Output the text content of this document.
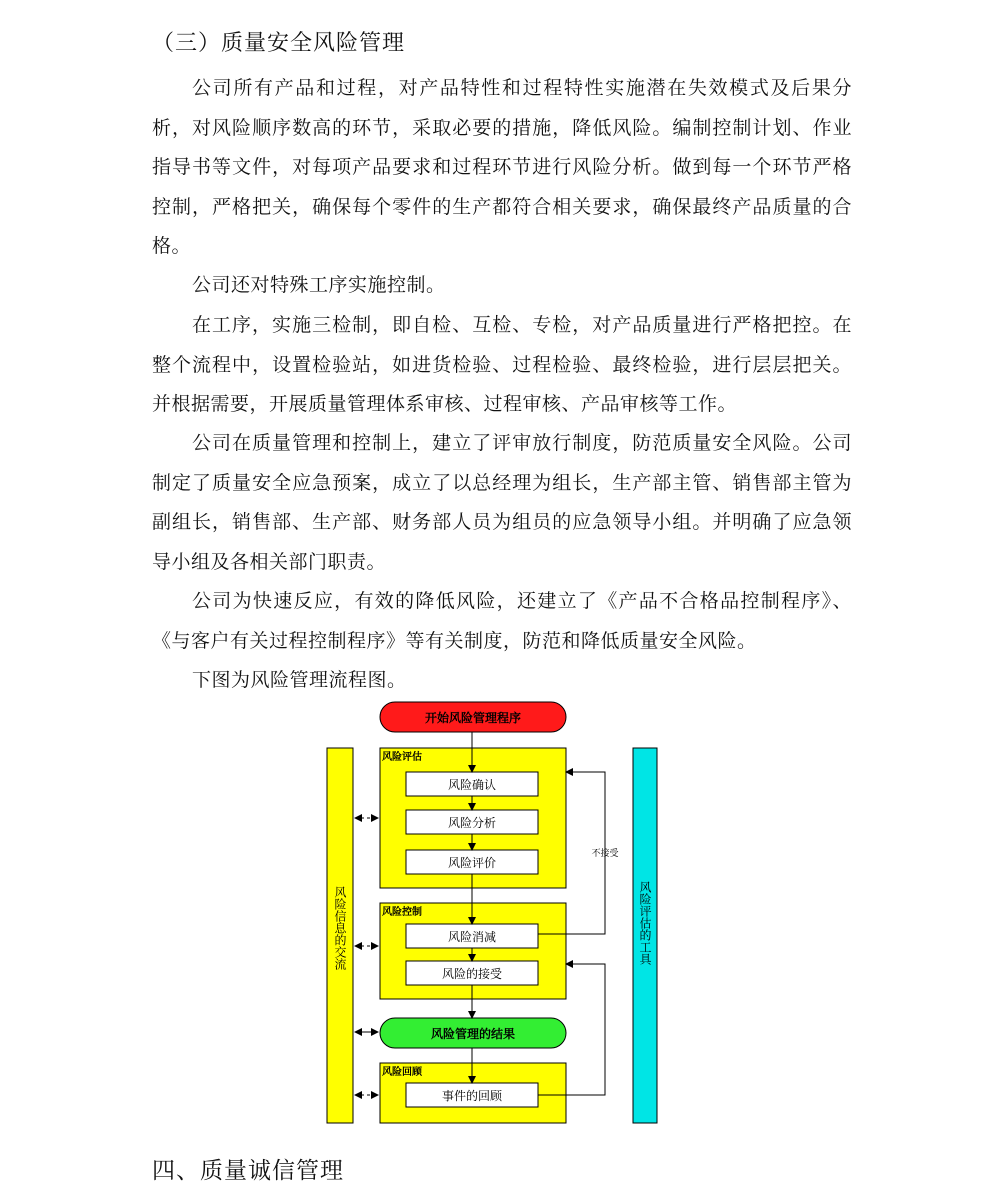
（三）质量安全风险管理

公司所有产品和过程，对产品特性和过程特性实施潜在失效模式及后果分析，对风险顺序数高的环节，采取必要的措施，降低风险。编制控制计划、作业指导书等文件，对每项产品要求和过程环节进行风险分析。做到每一个环节严格控制，严格把关，确保每个零件的生产都符合相关要求，确保最终产品质量的合格。

公司还对特殊工序实施控制。

在工序，实施三检制，即自检、互检、专检，对产品质量进行严格把控。在整个流程中，设置检验站，如进货检验、过程检验、最终检验，进行层层把关。并根据需要，开展质量管理体系审核、过程审核、产品审核等工作。

公司在质量管理和控制上，建立了评审放行制度，防范质量安全风险。公司制定了质量安全应急预案，成立了以总经理为组长，生产部主管、销售部主管为副组长，销售部、生产部、财务部人员为组员的应急领导小组。并明确了应急领导小组及各相关部门职责。

公司为快速反应，有效的降低风险，还建立了《产品不合格品控制程序》、《与客户有关过程控制程序》等有关制度，防范和降低质量安全风险。

下图为风险管理流程图。

风险信息的交流	风险评估的工具
开始风险管理程序
风险评估
风险确认
风险分析
风险评价
风险控制
风险消减
风险的接受
风险管理的结果
风险回顾
事件的回顾
不接受
四、质量诚信管理
